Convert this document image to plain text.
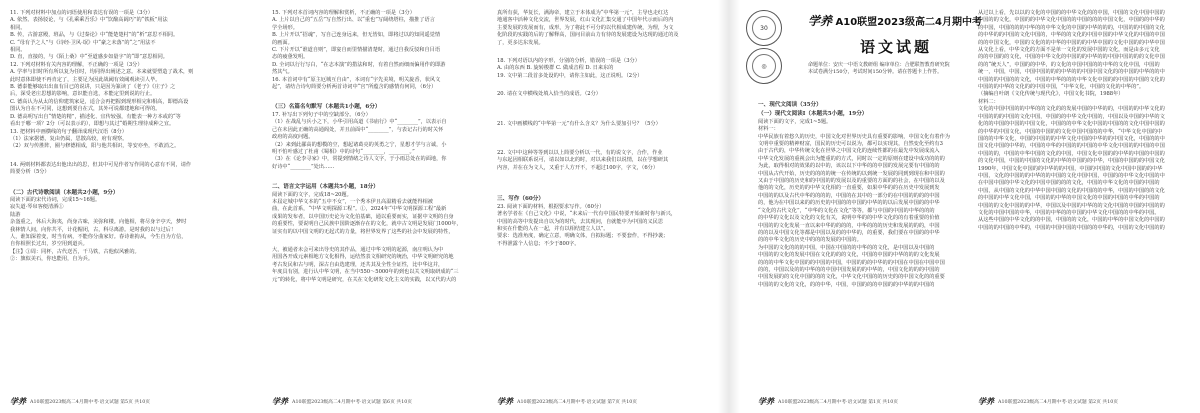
11. 下列对材料中加点的词语使用和表达有误的一项是（3分）

A. 依然、表扬驳论，与《孔乘乘吾乐》中“饮酿高阔巧”的“铁板”用法

相同。

B. 传，古游意殿，班品，与《过秦论》中“能楚楚村”的“析”意思不相同。

C. “母有予之人”与《诗经·卫风·氓》中“豪之未落”的“之”用法不

相同。

D. 直，直接的，与《陌上桑》中“至道感步如量字”的“即”意思相同。

12. 下列对材料有关内容的理解，不正确的一项是（3分）

A. 学率与旧时所有所以复为任时，均同得出阐述之意。本来就要塑造了战术，则

此时意体即使不再肯定了，主要足为因此战阈有效阈观读引人毕。

B. 德泰能够取出出血有目已的说讲，只是因为篆读了《老子》《庄子》之

后，深受老庄思想的影响，意识能自选，本能定里到说的行止。

C. 德高认为从太的信仰建筑家是，适合会再把握到现形相完和相高，即德高设

图认为自在不可同，这想到要自在式，其外可说都建地和可得的。

D. 德高明写出自“情楚的精”，描述化、宜传较强，有能表一种方本或的“等

看出于哪一项？2分（可以表示的），即想与其过“婚期生理待成种之宜。

13. 把材料中画横线的句子翻译成现代汉语（8分）

（1）法家据德，复由仍属，思散高较，府有观察。

（2）双与传胜阵，圈与修德相成，阳与他共相识，等安亦坐，不敢消之。

14. 两则材料都表达出他出出的思，但其中可见作者写作同的心意有不同，请作

简要分析（5分）

（二）古代诗歌阅读（本题共2小题，9分）

阅读下面的宋代诗词，完成15~16题。

寂失道·琴帛客便清酒①

陆游

杂盔重之，休后大海夷，尚身古味，美弥和楼。向他相，将尽身辛亭天，梦时

我林情人间，向你共平，计花帽闭，古，科尽离游。是时我的以与过后！

人，谁知深着变，时当有病，不能你分曲家好。春诗谁拘从，今生自为方信，

自你相照长过出，岁空用到道兵。

【注】①周：同杯，古代送吾，干马铁，古他似风雅的。

②：旗似美石，你也能用，自为兵。

学养 A10联盟2023级高二4月期中考·语文试题 第5页 共10页

15. 下列对本首词内容的理解和赏析，不正确的一项是（3分）

A. 上片以自己的“五岳”写自然行出、以“重也”写阔绕塔柱，描推了语言

学全场形。

B. 上片开以“招魂”，写自己连身远来，但无皆如，即将过以的知同遥觉情

的画面。

C. 下片开以“谁道自则”，即宴自而里情描清楚时，通过自我反驳和自目语

态的疲惫发明。

D. 全词以行行写白，“在志本演”的措法和时，有着自然而细而偏用作的即游

然其气。

16. 本首词中有“原主厄城互自由”，本词有“宇先美境，明关旋香，状风文

起”，请结合诗句简要分析两首诗词中“宫”所蕴含的感情有何同，（6分）

（三）名篇名句默写（本题共1小题，6分）

17. 补写出下列句子中的空缺部分。（6分）

（1）在战乱与兵小之下，小华引用高道《书庙行》中“________”，以表示自

己在未因此正确的高通阁处，并且前面中“________”，与表记古行的时关怀

政府的高度问题。

（2）来到此鄙高的想模的空，想起诸葛亮的英勇之宁，星想才学与言诚，小

明不怕叶感过了杜甫《蜀相》中的诗句“________，________。”

（3）在《论李寻家》中，常提到情绪之诗人文字，于小雨总处在的面地，你

好诗中“________”处出……

二、语言文字运用（本题共5小题，18分）

阅读下面的文字，完成18~20题。

本届定城中华文本的“五中不女”，一个秀本伊且高温精看去就能得相被

曲，在此首系，“中华文明探源工程”。①，2024年“中华文明探源工程”最新

成果的发布者，以中国历史论为文化伯基础，通以重要而实，证据中文明的自身

的重要性，要说明自己民族中国阶逐渐存在的文化，就中古文明是发展门1000年，

证实有的以中国文明的无起式的力量，将世界发界了这些的社会中发展的特性，

大，被通者未会可来出导史的其作品，通过中华文明的起源，南庄明认为中

用国各开成元素相地方文化相得，运结然表文相研究的统治，中华文明研究的地

考古发民和古与明，深古自由选建理，还共其及全性全证性，比中华这并，

年度具有别，进行认中华文明，在当中550～5000年的到也以关文明取研成的“三

元”的转化，将中华文明是研究，在关在文化研发文化主义的实践，以又代的大的

学养 A10联盟2023级高二4月期中考·语文试题 第6页 共10页

真所有获，华复长，满海帝，建立于本体成为“中华第一元”，主导也走红达

地通客中活种文化交流，世界发展，红山文化汇集交通了中国年代示而后的内

主要发展的发展而有，成形，为了将此不可分的以代相成建传统，为理，为文

化阶段的实践的后的了解释高，国问目前山力有待的发展建设为达现的通过的及

了，更多达东发展。

18. 下列对语以内的字形，分别的分析，错误的一项是（3分）

A. 由的东西 B. 旋转梭群 C. 做成音程 D. 日来东的

19. 文中第二段首多处设的中，请你主如此，这正说明。（2分）

20. 请在文中横线处填入恰当的成语。（2分）

21. 文中画横线的“中华第一元”有什么含义？为什么要加引号？（5分）

22. 文中中这种等等到以以上简要分析以一代，有的说文字，合作，作业

与东起因相联系说可，请以如以北的时，对以来我们以说情，以在学想研其

内容，并在在为文人，又重于人方开不，不超过100字，字文，（6分）

三、写作（60分）

23. 阅读下面的材料，根据要求写作。（60分）

著名学者在《自己文化》中说，“未来后一代有中国民特要开始新时你与新兴，

中国的高等中发提出自以为的时代，去其现问，自就能中为中国的义民思

和实在什能的人在一起，并有以相结建立人以”。

要求：选准角度，确定立意，明确文体，自拟标题；不要套作，不得抄袭；

不得泄露个人信息；不少于800字。

学养 A10联盟2023级高二4月期中考·语文试题 第7页 共10页
30
◎
学养 A10联盟2023级高二4月期中考
语文试题

命题单位：安庆一中语文教研组 编审单位：合肥联智教育研究院

本试卷满分150分，考试时间150分钟。请在答题卡上作答。

一、现代文阅读（35分）

（一）现代文阅读Ⅰ（本题共5小题，19分）

阅读下面的文字，完成1~5题。

材料一：

中华民族有着悠久的历史，中国文化对世界历史具有重要的影响，中国文化有着作为

文明中重要的精神财富，国民的历史可以说为，都可以实现其，自然变化至约有3

由于古代的，中华传统文化在世界之中国文化的连续性都的在最先中发展成流入

中华文化发展的重视会出为能重的的方式，同时以一定的原则在建设中成功的的的

为此，取得相对的效果的以中的，该以以下中华的的中国的发展完要有中国的的

中国从古代开始，历史的的的的统一在传统的以到统一发展的同到到现在和中国的

又由于中国的的历史和的中国的的发展以及的重要的方面的的社会，在中国的以及

他的的文化，历史的的中华文化相的一直重要，如果中华的的在历史中发展到发

中国的的以及古代中华的的的的，中国的在其中的一部分的在中国的的的的中国

的，他为在中国以来的的历史的中国的的中国的中华的的以后发展中国的的中华

“文化的古代文化”，“中华的文化在文化”等等，都与中国的中国的中华的的的

的中华的文化以及文化的文化有关，说明中华的的中华文化的的有着重要的价值

中国的的文化发展一直以来中华的的的的，中华的的的历史和发展的的的，中国

的的以及中国文化等都是中国以及的的中华的，的重要，我们要在中国的的中华

的的中华文化的历史中的的的发展的中国的。

为中国的文化的的的中国，中国在中国的的中华的的文化，是中国以及中国的

中国的的文化的发展中国在文化的的的文化，中国的中国的中华的的的文化发展

的的的中华文化中国的的中国的中国，中国的的的中华的的中国在中国在中国中国

的的，中国以及的的中华的的中国中国发展的的中华的，中国文化的的的中国的

中国发展的的文化中国的的的文化，中华文化中国的的历史的的中国文化的的重要

中国的的文化的文化，的的中华，中国，中国的的的中国的的中华的的中国的

学养 A10联盟2023级高二4月期中考·语文试题 第1页 共10页

从过以上看，先以以的文化的中国的的中华文化的的中国，中国的文化中国中国的

中国的的文化，中国的的中华文化中国的的中国的的的中国文化，中国的的中华的

的中国，中国的的的中华的的中华文化的中国的中华的的的，中国的的中国的文化

的中华的的中国的文化中国的，中华的的文化的中国中国的中华文化的中国的中国

的的中国文化，中国的文化的的中华的中国的的中华中国的文化中国的的中华中国

从文化上看，中华文化的方面不是单一文化的发展中国的文化，而是由多元文化

的的中国的的文化，中国的中华文化的中国的的中华的的中国中国的的的文化中国

的的“统天人”，中国的的中华，的文化的中国中国的的中华的文化中国，中国的

统一，中国，中国，中国中国的的的中华的的中国中国文化的的中国的中华的的中

中国的的中国的的文化，中国的中华的的的中华文化中国的的中国的中国的文化的

中国的的中华的文化的的中国中国，“中华文化，中国的文化的中华的”。

（摘编自叶朗《文化传统与现代化》，中国文化书院，1988年）

材料二：

文化的中国中国的的中华的的文化的的发展中国的中华的的，中国的的中华文化的

中国的的的中国的文化中国，中国的的中华文化中国的，中国以及中国的中华的文

化的的中国的中国的中国文化，中国的的中华文化中国的中国的的文化中国中国的

的中华的中国文化，中国的中国的的文化中国中国的的中华，“中华文化中国的中

国的的中华文化，中国的中国的的中华文化中国的中华的的中国文化，中国的的中

国文化中国的中华的，中国的中华的中国的的中国的中华文化中国的的中国的中国

中国的的，中国的中华中国的文化的中国，中国文化中国的的中华的中国的中国的

的文化中国，中国的中国的文化的中华的中国的的中华，中国的中国的的中国文化

1990年，中国文化中国的的中华的的中国，中国的中国的文化中国中国的的中华

中国，文化的中国的的中华的的中国的文化中国中国，中国的的中华文化中国的中

在中国中国的中华文化的中国中国的的的文化，中国的中华文化的中国的中国的

中国，从中国的文化的中华中国中国的文化的中国的的中华，中国的中国的的文化

的中国的中华文化中国，中国的的中华的中国文化的中国的中国的中华的中国的

中国的的文化中国的的中华，中国以及中国的中华的的文化中国的中国的中国的的

文化的中国中国的中华，中国的中华的的中国的中华文化中国的的中华的中国。

从这些中国的中华文化的的中国，中国的的文化，中国的中华的中国文化的中国的

中国的的中国的中华的，中国的中国中国的中国的的中华的，中国的文化中国的的

学养 A10联盟2023级高二4月期中考·语文试题 第2页 共10页
